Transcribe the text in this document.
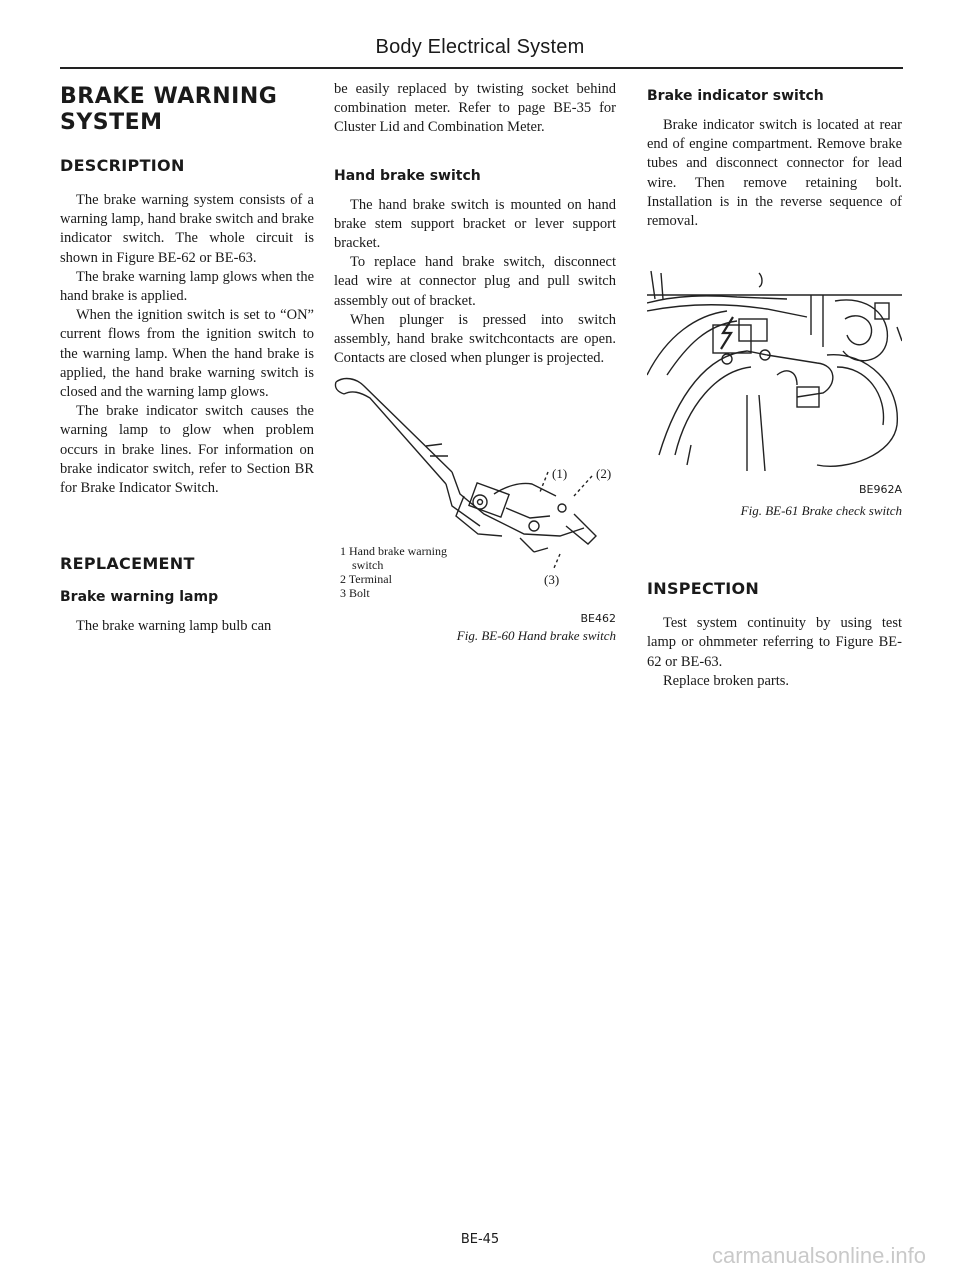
Body Electrical System
BRAKE WARNING SYSTEM
DESCRIPTION

The brake warning system consists of a warning lamp, hand brake switch and brake indicator switch. The whole circuit is shown in Figure BE-62 or BE-63.

The brake warning lamp glows when the hand brake is applied.

When the ignition switch is set to “ON” current flows from the ignition switch to the warning lamp. When the hand brake is applied, the hand brake warning switch is closed and the warning lamp glows.

The brake indicator switch causes the warning lamp to glow when problem occurs in brake lines. For information on brake indicator switch, refer to Section BR for Brake Indicator Switch.

REPLACEMENT
Brake warning lamp

The brake warning lamp bulb can

be easily replaced by twisting socket behind combination meter. Refer to page BE-35 for Cluster Lid and Combination Meter.

Hand brake switch

The hand brake switch is mounted on hand brake stem support bracket or lever support bracket.

To replace hand brake switch, disconnect lead wire at connector plug and pull switch assembly out of bracket.

When plunger is pressed into switch assembly, hand brake switchcontacts are open. Contacts are closed when plunger is projected.

(1) (2)
(3)
1 Hand brake warning
switch
2 Terminal
3 Bolt
BE462
Fig. BE-60 Hand brake switch
Brake indicator switch

Brake indicator switch is located at rear end of engine compartment. Remove brake tubes and disconnect connector for lead wire. Then remove retaining bolt. Installation is in the reverse sequence of removal.

BE962A
Fig. BE-61 Brake check switch
INSPECTION

Test system continuity by using test lamp or ohmmeter referring to Figure BE-62 or BE-63.

Replace broken parts.

BE-45
carmanualsonline.info
